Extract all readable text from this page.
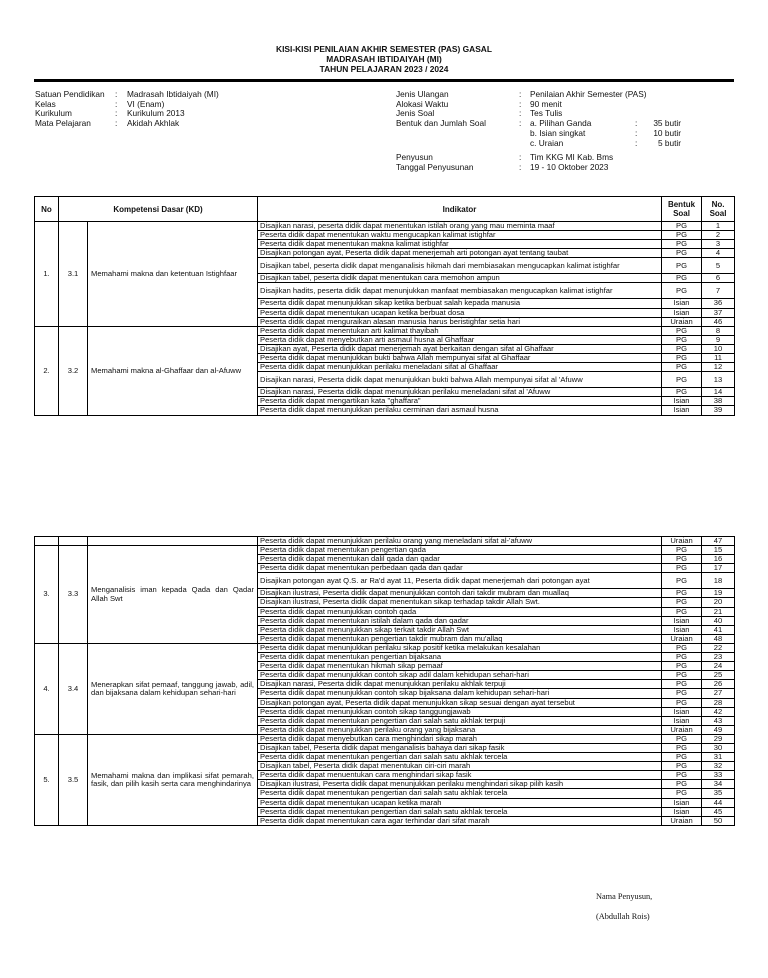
KISI-KISI PENILAIAN AKHIR SEMESTER (PAS) GASAL
MADRASAH IBTIDAIYAH (MI)
TAHUN PELAJARAN 2023 / 2024
Satuan Pendidikan	:	Madrasah Ibtidaiyah (MI)
Kelas	:	VI (Enam)
Kurikulum	:	Kurikulum 2013
Mata Pelajaran	:	Akidah Akhlak
Jenis Ulangan	:	Penilaian Akhir Semester (PAS)
Alokasi Waktu	:	90 menit
Jenis Soal	:	Tes Tulis
Bentuk dan Jumlah Soal	:	a. Pilihan Ganda	:	35 butir
b. Isian singkat	:	10 butir
c. Uraian	:	5 butir
Penyusun	:	Tim KKG MI Kab. Bms
Tanggal Penyusunan	:	19 - 10 Oktober 2023
No	Kompetensi Dasar (KD)		Indikator	Bentuk Soal	No. Soal
1.	3.1	Memahami makna dan ketentuan Istighfaar	Disajikan narasi, peserta didik dapat menentukan istilah orang yang mau meminta maaf	PG	1
			Peserta didik dapat menentukan waktu mengucapkan kalimat istighfar	PG	2
			Peserta didik dapat menentukan makna kalimat istighfar	PG	3
			Disajikan potongan ayat, Peserta didik dapat menerjemah arti potongan ayat tentang taubat	PG	4
			Disajikan tabel, peserta didik dapat menganalisis hikmah dari membiasakan mengucapkan kalimat istighfar	PG	5
			Disajikan tabel, peserta didik dapat menentukan cara memohon ampun	PG	6
			Disajikan hadits, peserta didik dapat menunjukkan manfaat membiasakan mengucapkan kalimat istighfar	PG	7
			Peserta didik dapat menunjukkan sikap ketika berbuat salah kepada manusia	Isian	36
			Peserta didik dapat menentukan ucapan ketika berbuat dosa	Isian	37
			Peserta didik dapat menguraikan alasan manusia harus beristighfar setia hari	Uraian	46
2.	3.2	Memahami makna al-Ghaffaar dan al-Afuww	Peserta didik dapat menentukan arti kalimat thayibah	PG	8
			Peserta didik dapat menyebutkan arti asmaul husna al Ghaffaar	PG	9
			Disajikan ayat, Peserta didik dapat menerjemah ayat berkaitan dengan sifat al Ghaffaar	PG	10
			Peserta didik dapat menunjukkan bukti bahwa Allah mempunyai sifat al Ghaffaar	PG	11
			Peserta didik dapat menunjukkan perilaku meneladani sifat al Ghaffaar	PG	12
			Disajikan narasi, Peserta didik dapat menunjukkan bukti bahwa Allah mempunyai sifat al 'Afuww	PG	13
			Disajikan narasi, Peserta didik dapat menunjukkan perilaku meneladani sifat al 'Afuww	PG	14
			Peserta didik dapat mengartikan kata "ghaffara"	Isian	38
			Peserta didik dapat menunjukkan perilaku cerminan dari asmaul husna	Isian	39
			Peserta didik dapat menunjukkan perilaku orang yang meneladani sifat al-'afuww	Uraian	47
3.	3.3	Menganalisis iman kepada Qada dan Qadar Allah Swt	Peserta didik dapat menentukan pengertian qada	PG	15
			Peserta didik dapat menentukan dalil qada dan qadar	PG	16
			Peserta didik dapat menentukan perbedaan qada dan qadar	PG	17
			Disajikan potongan ayat Q.S. ar Ra'd ayat 11, Peserta didik dapat menerjemah dari potongan ayat	PG	18
			Disajikan ilustrasi, Peserta didik dapat menunjukkan contoh dari takdir mubram dan muallaq	PG	19
			Disajikan ilustrasi, Peserta didik dapat menentukan sikap terhadap takdir Allah Swt.	PG	20
			Peserta didik dapat menunjukkan contoh qada	PG	21
			Peserta didik dapat menentukan istilah dalam qada dan qadar	Isian	40
			Peserta didik dapat menunjukkan sikap terkait takdir Allah Swt	Isian	41
			Peserta didik dapat menentukan pengertian takdir mubram dan mu'allaq	Uraian	48
4.	3.4	Menerapkan sifat pemaaf, tanggung jawab, adil, dan bijaksana dalam kehidupan sehari-hari	Peserta didik dapat menunjukkan perilaku sikap positif ketika melakukan kesalahan	PG	22
			Peserta didik dapat menentukan pengertian bijaksana	PG	23
			Peserta didik dapat menentukan hikmah sikap pemaaf	PG	24
			Peserta didik dapat menunjukkan contoh sikap adil dalam kehidupan sehari-hari	PG	25
			Disajikan narasi, Peserta didik dapat menunjukkan perilaku akhlak terpuji	PG	26
			Peserta didik dapat menunjukkan contoh sikap bijaksana dalam kehidupan sehari-hari	PG	27
			Disajikan potongan ayat, Peserta didik dapat menunjukkan sikap sesuai dengan ayat tersebut	PG	28
			Peserta didik dapat menunjukkan contoh sikap tanggungjawab	Isian	42
			Peserta didik dapat menentukan pengertian dari salah satu akhlak terpuji	Isian	43
			Peserta didik dapat menunjukkan perilaku orang yang bijaksana	Uraian	49
5.	3.5	Memahami makna dan implikasi sifat pemarah, fasik, dan pilih kasih serta cara menghindarinya	Peserta didik dapat menyebutkan cara menghindari sikap marah	PG	29
			Disajikan tabel, Peserta didik dapat menganalisis bahaya dari sikap fasik	PG	30
			Peserta didik dapat menentukan pengertian dari salah satu akhlak tercela	PG	31
			Disajikan tabel, Peserta didik dapat menentukan ciri-ciri marah	PG	32
			Peserta didik dapat menuentukan cara menghindari sikap fasik	PG	33
			Disajikan ilustrasi, Peserta didik dapat menunjukkan perilaku menghindari sikap pilih kasih	PG	34
			Peserta didik dapat menentukan pengertian dari salah satu akhlak tercela	PG	35
			Peserta didik dapat menentukan ucapan ketika marah	Isian	44
			Peserta didik dapat menentukan pengertian dari salah satu akhlak tercela	Isian	45
			Peserta didik dapat menentukan cara agar terhindar dari sifat marah	Uraian	50
Nama Penyusun,
(Abdullah Rois)
